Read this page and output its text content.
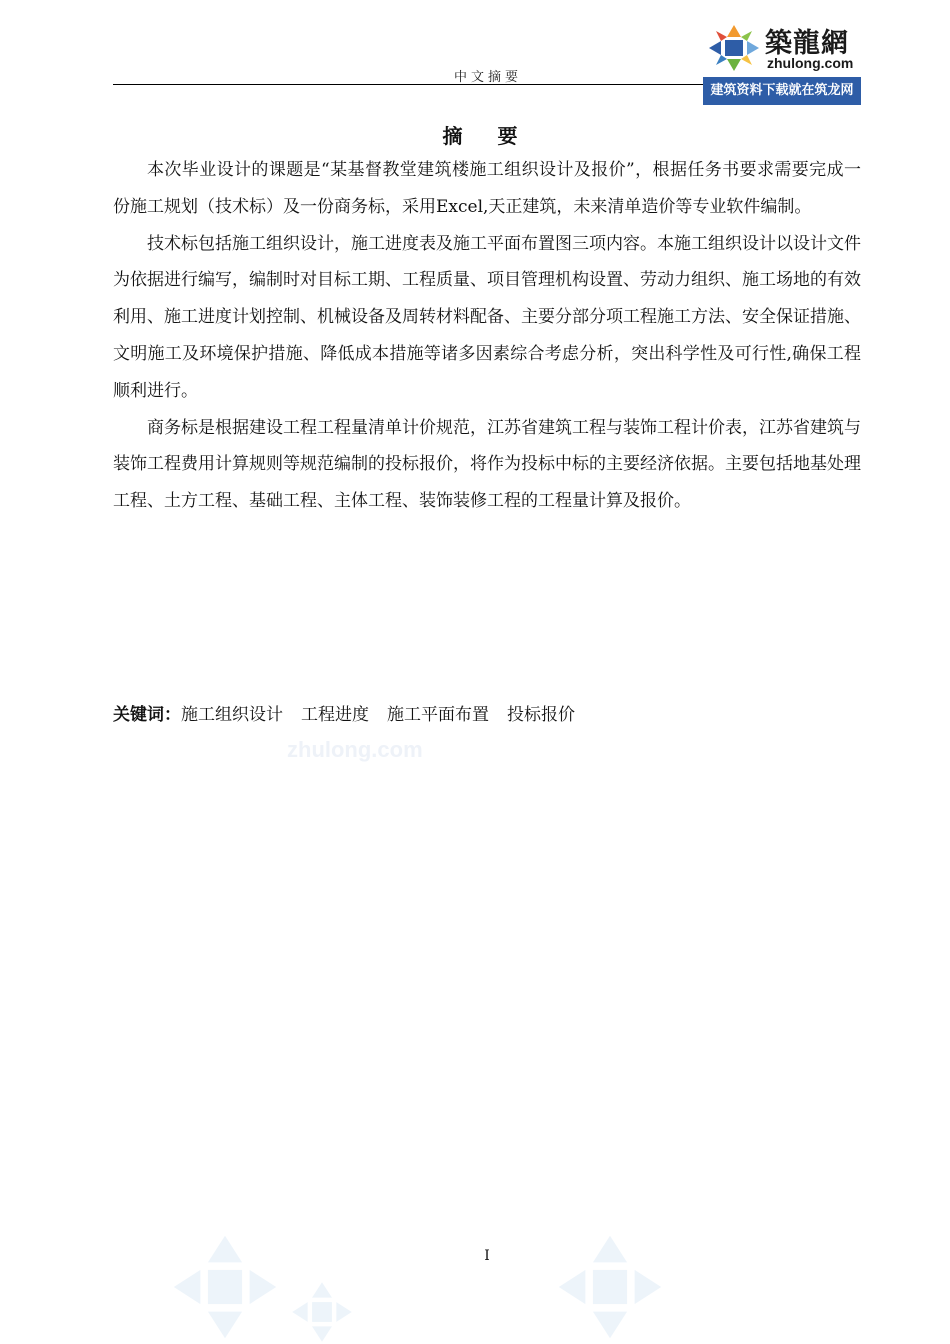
中文摘要
築龍網
zhulong.com
建筑资料下载就在筑龙网
摘 要

本次毕业设计的课题是“某基督教堂建筑楼施工组织设计及报价”，根据任务书要求需要完成一份施工规划（技术标）及一份商务标，采用Excel,天正建筑，未来清单造价等专业软件编制。

技术标包括施工组织设计，施工进度表及施工平面布置图三项内容。本施工组织设计以设计文件为依据进行编写，编制时对目标工期、工程质量、项目管理机构设置、劳动力组织、施工场地的有效利用、施工进度计划控制、机械设备及周转材料配备、主要分部分项工程施工方法、安全保证措施、文明施工及环境保护措施、降低成本措施等诸多因素综合考虑分析，突出科学性及可行性,确保工程顺利进行。

商务标是根据建设工程工程量清单计价规范，江苏省建筑工程与装饰工程计价表，江苏省建筑与装饰工程费用计算规则等规范编制的投标报价，将作为投标中标的主要经济依据。主要包括地基处理工程、土方工程、基础工程、主体工程、装饰装修工程的工程量计算及报价。

关键词：施工组织设计 工程进度 施工平面布置 投标报价
zhulong.com
I
